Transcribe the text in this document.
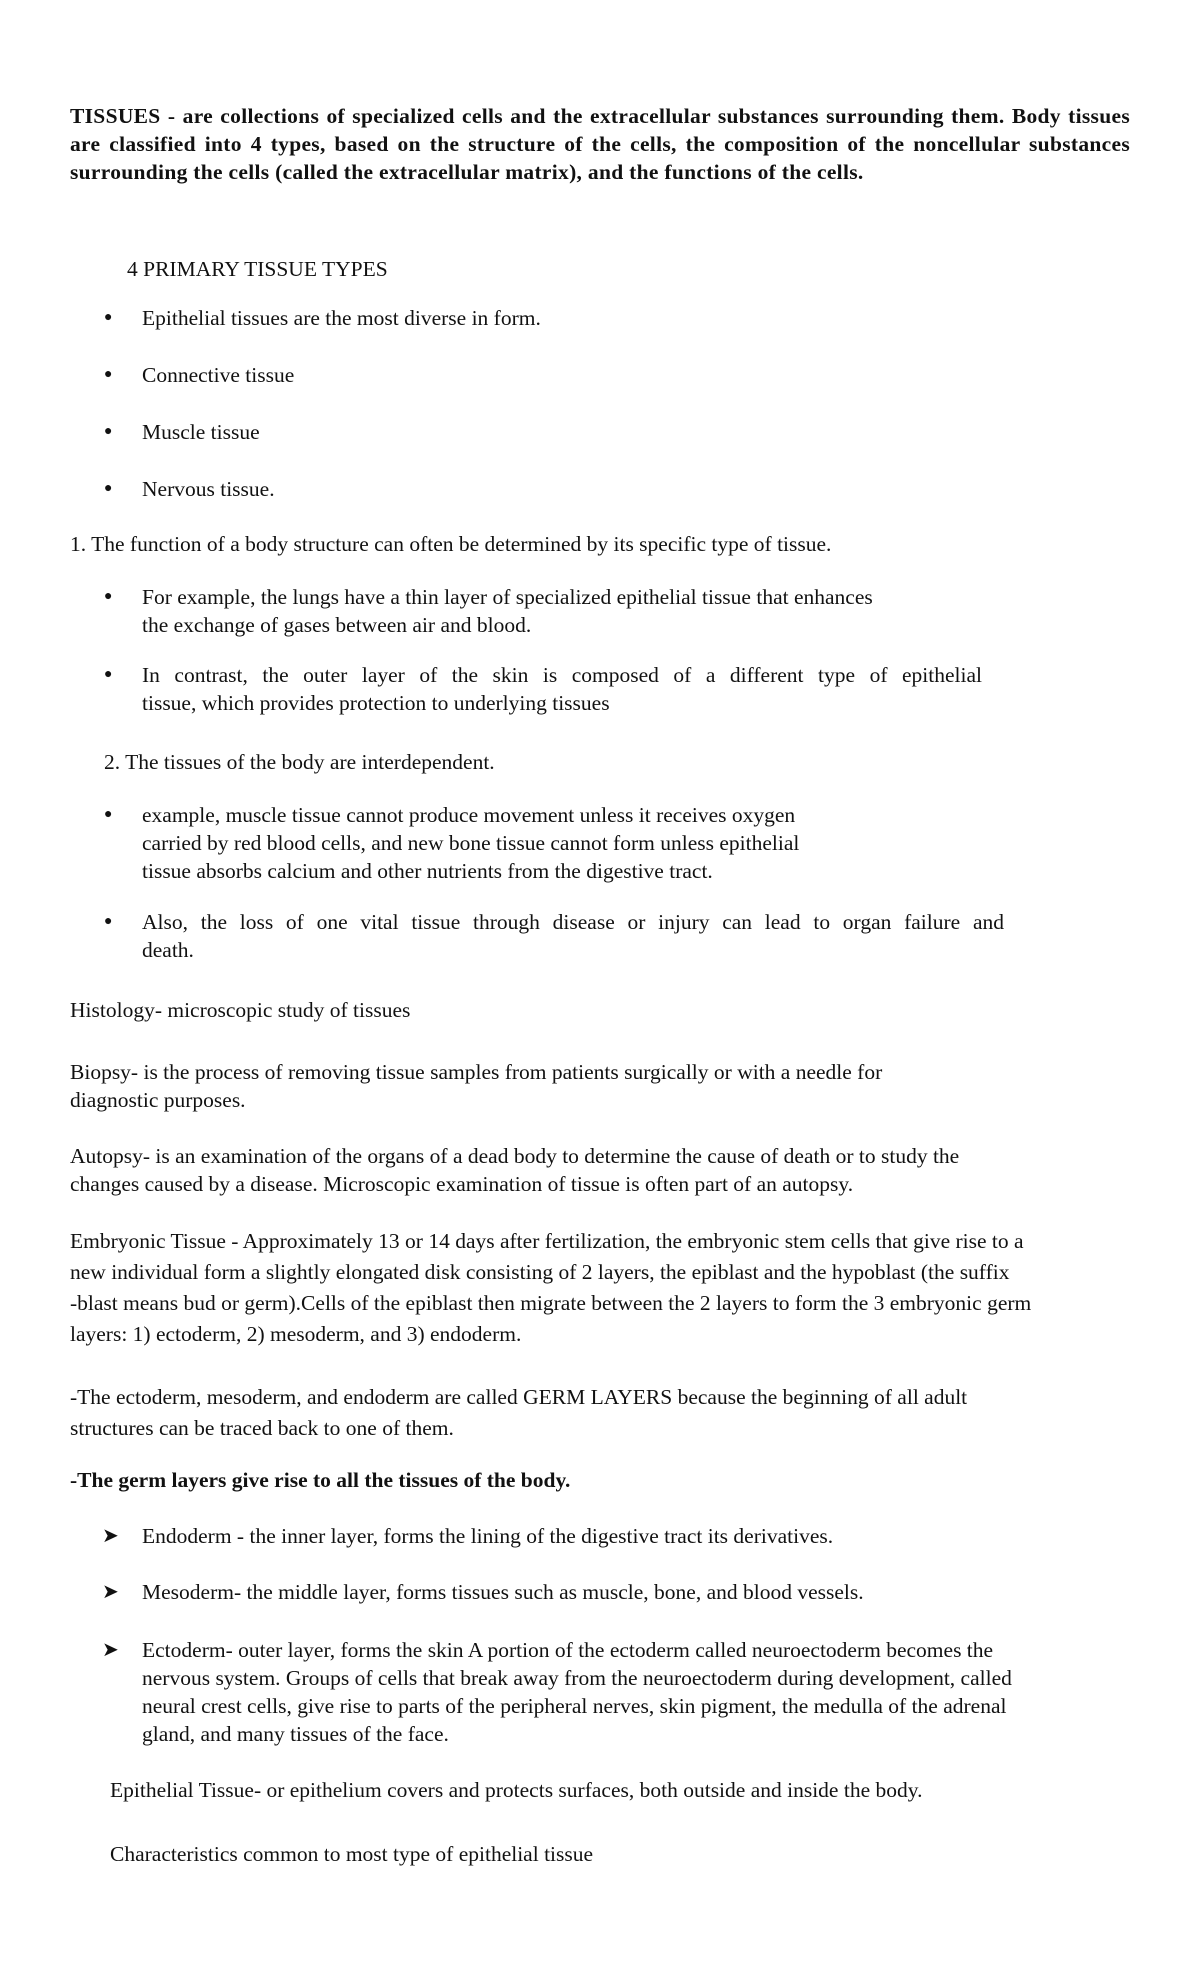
TISSUES - are collections of specialized cells and the extracellular substances surrounding them. Body tissues are classified into 4 types, based on the structure of the cells, the composition of the noncellular substances surrounding the cells (called the extracellular matrix), and the functions of the cells.

4 PRIMARY TISSUE TYPES
● Epithelial tissues are the most diverse in form.
● Connective tissue
● Muscle tissue
● Nervous tissue.
1. The function of a body structure can often be determined by its specific type of tissue.
● For example, the lungs have a thin layer of specialized epithelial tissue that enhances
the exchange of gases between air and blood.
● In contrast, the outer layer of the skin is composed of a different type of epithelial
tissue, which provides protection to underlying tissues
2. The tissues of the body are interdependent.
● example, muscle tissue cannot produce movement unless it receives oxygen
carried by red blood cells, and new bone tissue cannot form unless epithelial
tissue absorbs calcium and other nutrients from the digestive tract.
● Also, the loss of one vital tissue through disease or injury can lead to organ failure and
death.
Histology- microscopic study of tissues
Biopsy- is the process of removing tissue samples from patients surgically or with a needle for
diagnostic purposes.
Autopsy- is an examination of the organs of a dead body to determine the cause of death or to study the
changes caused by a disease. Microscopic examination of tissue is often part of an autopsy.
Embryonic Tissue - Approximately 13 or 14 days after fertilization, the embryonic stem cells that give rise to a
new individual form a slightly elongated disk consisting of 2 layers, the epiblast and the hypoblast (the suffix
-blast means bud or germ).Cells of the epiblast then migrate between the 2 layers to form the 3 embryonic germ
layers: 1) ectoderm, 2) mesoderm, and 3) endoderm.
-The ectoderm, mesoderm, and endoderm are called GERM LAYERS because the beginning of all adult
structures can be traced back to one of them.
-The germ layers give rise to all the tissues of the body.
➤ Endoderm - the inner layer, forms the lining of the digestive tract its derivatives.
➤ Mesoderm- the middle layer, forms tissues such as muscle, bone, and blood vessels.
➤ Ectoderm- outer layer, forms the skin A portion of the ectoderm called neuroectoderm becomes the
nervous system. Groups of cells that break away from the neuroectoderm during development, called
neural crest cells, give rise to parts of the peripheral nerves, skin pigment, the medulla of the adrenal
gland, and many tissues of the face.
Epithelial Tissue- or epithelium covers and protects surfaces, both outside and inside the body.
Characteristics common to most type of epithelial tissue
